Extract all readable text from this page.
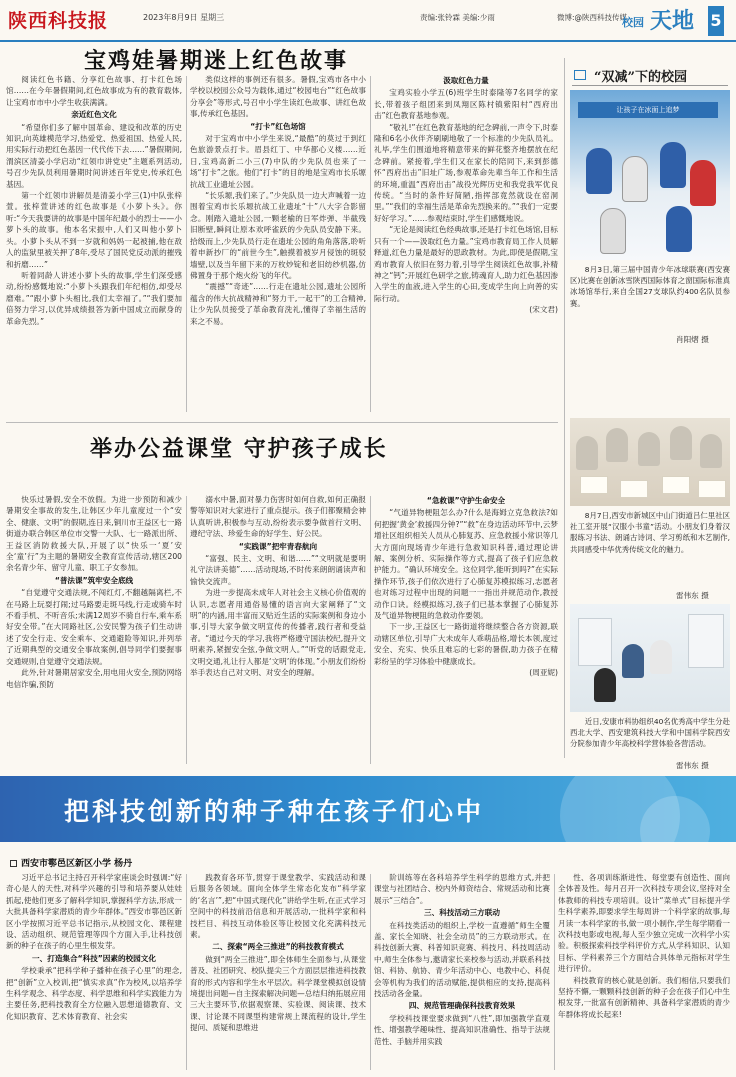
陕西科技报	2023年8月9日 星期三	责编:张铃霖 美编:少雨	微博:@陕西科技传媒
校园 天地 5
宝鸡娃暑期迷上红色故事

阅读红色书籍、分享红色故事、打卡红色场馆……在今年暑假期间,红色故事成为有的教育载体,让宝鸡市市中小学生收获满满。

亲近红色文化

“希望你们多了解中国革命、建设和改革的历史知识,向英雄模范学习,热爱党、热爱祖国、热爱人民,用实际行动把红色基因一代代传下去……”暑假期间,渭滨区清姜小学启动“红领巾讲党史”主题系列活动,号召少先队员利用暑期时间讲述百年党史,传承红色基因。

第一个红领巾讲解员是清姜小学三(1)中队张梓萱。张梓萱讲述的红色故事是《小萝卜头》。你听:“今天我要讲的故事是中国年纪最小的烈士——小萝卜头的故事。他本名宋振中,人们又叫他小萝卜头。小萝卜头从不到一岁就和妈妈一起被捕,他在敌人的监狱里被关押了8年,受尽了国民党反动派的摧残和折磨……”

听着同龄人讲述小萝卜头的故事,学生们深受感动,纷纷感慨地说:“小萝卜头跟我们年纪相仿,却受尽磨难。”“跟小萝卜头相比,我们太幸福了。”“我们要加倍努力学习,以优异成绩报答为新中国成立而献身的革命先烈。”

类似这样的事例还有很多。暑假,宝鸡市各中小学校以校园公众号为载体,通过“校园电台”“红色故事分享会”等形式,号召中小学生读红色故事、讲红色故事,传承红色基因。

“打卡”红色场馆

对于宝鸡市中小学生来说,“最酷”的莫过于到红色旅游景点打卡。眉县红丁、中华都心义楼……近日,宝鸡高新二小三(7)中队的少先队员也来了一场“打卡”之旅。他们“打卡”的目的地是宝鸡市长乐塬抗战工业遗址公园。

“长乐塬,我们来了。”少先队员一边大声喊着一边围着宝鸡市长乐塬抗战工业遗址“十”八大字合影留念。刚踏入遗址公园,一颗老榆的日军炸弹、半截残旧断壁,瞬间让原本欢呼雀跃的少先队员安静下来。拾级而上,少先队员行走在遗址公园的角角落落,聆听着申新抄厂的“前世今生”,触摸着被岁月侵蚀的斑驳墙壁,以及当年留下来的万枚炒锭和老旧纺纱机器,仿佛置身于那个炮火纷飞的年代。

“震撼”“奇迹”……行走在遗址公园,遗址公园所蕴含的伟大抗战精神和“努力干,一起干”的工合精神,让少先队员接受了革命教育洗礼,懂得了幸福生活的来之不易。

汲取红色力量

宝鸡实验小学五(6)班学生时泰隆等7名同学的家长,带着孩子组团来到凤翔区陈村镇紫阳村“西府出击”红色教育基地参观。

“敬礼!”在红色教育基地的纪念碑前,一声令下,时泰隆和6名小伙伴齐刷刷地敬了一个标准的少先队员礼。礼毕,学生们围道地将精意带来的鲜花整齐地摆放在纪念碑前。紧接着,学生们又在家长的陪同下,来到彭德怀“西府出击”旧址广场,参观革命先辈当年工作和生活的环境,重温“西府出击”战役光辉历史和我党我军优良传统。“当时的条件好简陋,指挥部竟然就设在窑洞里。”“我们的幸福生活是革命先烈换来的。”“我们一定要好好学习。”……参观结束时,学生们感慨地说。

“无论是阅读红色经典故事,还是打卡红色场馆,目标只有一个——汲取红色力量。”宝鸡市教育局工作人员解释道,红色力量是最好的思政教材。为此,即使是假期,宝鸡市教育人依旧在努力着,引导学生阅读红色故事,补精神之“钙”;开展红色研学之旅,铸魂育人,助力红色基因渗入学生的血液,进入学生的心田,变成学生向上向善的实际行动。

(宋文君)

“双减”下的校园
让孩子在冰面上追梦
8月3日,第三届中国青少年冰球联赛(西安赛区)比赛在创新冰雪陕西国际体育之窗国际标准真冰场馆举行,来自全国27支球队约400名队员参赛。
肖阳熠 摄
8月7日,西安市新城区中山门街道吕仁里社区社工室开展“汉服小书童”活动。小朋友们身着汉服练习书法、朗诵古诗词、学习剪纸和木艺制作,共同感受中华优秀传统文化的魅力。
雷伟东 摄
近日,安康市科协组织40名优秀高中学生分赴西北大学、西安建筑科技大学和中国科学院西安分院参加青少年高校科学营体验各营活动。
雷伟东 摄
举办公益课堂 守护孩子成长

快乐过暑假,安全不放假。为进一步预防和减少暑期安全事故的发生,让韩区少年儿童度过一个“安全、健康、文明”的假期,连日来,铜川市王益区七一路街道办联合韩区单位市交警一大队、七一路派出所、王益区消防救援大队,开展了以“快乐一‘夏’安全‘童’行”为主题的暑期安全教育宣传活动,辖区200余名青少年、留守儿童、职工子女参加。

“普法课”筑牢安全底线

“自觉遵守交通法规,不闯红灯,不翻越隔离栏,不在马路上玩耍打闹;过马路要走斑马线,行走或骑车时不看手机、不听音乐;未满12周岁不骑自行车,乘车系好安全带。”在大同路社区,公安民警为孩子们生动讲述了安全行走、安全乘车、交通避险等知识,并列举了近期典型的交通安全事故案例,倡导同学们要握事交通规则,自觉遵守交通法规。

此外,针对暑期居家安全,用电用火安全,预防网络电信诈骗,预防

溺水中暑,面对暴力伤害时如何自救,如何正确报警等知识对大家进行了重点提示。孩子们都聚精会神认真听讲,积极参与互动,纷纷表示要争做首行文明、遵纪守法、珍爱生命的好学生、好公民。

“实践课”把牢青春航向

“富强、民主、文明、和谐……”“文明就是要明礼守法讲美德”……活动现场,不时传来朗朗诵读声和愉快交流声。

为进一步提高未成年人对社会主义核心价值观的认识,志愿者用通俗易懂的语言向大家阐释了“文明”的内涵,用丰富而又贴近生活的实际案例和身边小事,引导大家争做文明宣传的传播者,践行者和受益者。“通过今天的学习,我将严格遵守国法校纪,提升文明素养,紧握安全弦,争做文明人。”“听党的话跟党走,文明交通,礼让行人都是‘文明’的体现。”小朋友们纷纷举手表达自己对文明、对安全的理解。

“急救课”守护生命安全

“气道异物梗阻怎么办?什么是海姆立克急救法?如何把握‘黄金’救援四分钟?”“救”在身边活动环节中,云梦增社区组织相关人员从心肺复苏、应急救援小常识等几大方面向现场青少年进行急救知识科普,通过理论讲解、案例分析、实际操作等方式,提高了孩子们应急救护能力。“确认环境安全。这位同学,能听到吗?”在实际操作环节,孩子们依次进行了心肺复苏模拟练习,志愿者也对练习过程中出现的问题一一指出并规范动作,教授动作口诀。经模拟练习,孩子们已基本掌握了心肺复苏及气道异物梗阻的急救动作要领。

下一步,王益区七一路街道将继续整合各方资源,联动辖区单位,引导广大未成年人乖萌品格,增长本领,度过安全、充实、快乐且难忘的七彩的暑假,助力孩子在精彩纷呈的学习体验中健康成长。

(周亚妮)

把科技创新的种子种在孩子们心中
西安市鄠邑区新区小学 杨丹

习近平总书记主持召开科学家座谈会时强调:“好奇心是人的天性,对科学兴趣的引导和培养要从娃娃抓起,使他们更多了解科学知识,掌握科学方法,形成一大批具备科学家潜质的青少年群体。”西安市鄠邑区新区小学按照习近平总书记指示,从校园文化、课程建设、活动组织、规范管理等四个方面入手,让科技创新的种子在孩子的心里生根发芽。

一、打造集合“科技”因素的校园文化

学校秉承“把科学种子播种在孩子心里”的理念,把“创新”立入校训,把“慎实求真”作为校风,以培养学生科学观念、科学态度、科学思维和科学实践能力为主要任务,把科技教育全方位融入思想道德教育、文化知识教育、艺术体育教育、社会实

践教育各环节,贯穿于课堂教学、实践活动和课后服务各领域。面向全体学生常态化发布“科学家的‘名言’”,把“中国式现代化”讲给学生听,在正式学习空间中的科技前沿信息和开展活动,一批科学家和科技栏目、科技互动体验区等让校园文化充满科技元素。

二、探索“两全三推进”的科技教育模式

做到“两全三推进”,即全体师生全面参与,从课堂普及、社团研究、校队提尖三个方面层层推进科技教育的形式内容和学生水平层次。科学课堂模拟创设情境提出问题—自主探索解决问题—总结归纳拓展应用三大主要环节,依据观察课、实验课、阅读课、技术课、讨论课不同课型构建常规上课流程的设计,学生提问、质疑和思维进

阶训练等在各科培养学生科学的思维方式,并把课堂与社团结合、校内外师资结合、常规活动和比赛展示“三结合”。

三、科技活动三方联动

在科技类活动的组织上,学校一直遵循“师生全覆盖、家长全知晓、社会全动员”的三方联动形式。在科技创新大赛、科普知识竞赛、科技月、科技周活动中,师生全体参与,邀请家长来校参与活动,并联系科技馆、科协、航协、青少年活动中心、电教中心、科促会等机构为我们的活动赋能,提供相应的支持,提高科技活动各金量。

四、规范管理确保科技教育效果

学校科技课堂要求做到“八性”,即加强教学直观性、增强教学趣味性、提高知识准确性、指导于法规范性、手脑并用实践

性、各项训练渐进性、每堂要有创造性、面向全体普及性。每月召开一次科技专项会议,坚持对全体教师的科技专项培训。设计“菜单式”目标提升学生科学素养,即要求学生每周讲一个科学家的故事,每月读一本科学家的书,做一项小制作,学生每学期看一次科技电影或电视,每人至少独立完成一次科学小实验。积极探索科技学科评价方式,从学科知识、认知目标、学科素养三个方面结合具体单元指标对学生进行评价。

科技教育的核心就是创新。我们相信,只要我们坚持不懈,一颗颗科技创新的种子会在孩子们心中生根发芽,一批富有创新精神、具备科学家潜质的青少年群体将成长起来!
